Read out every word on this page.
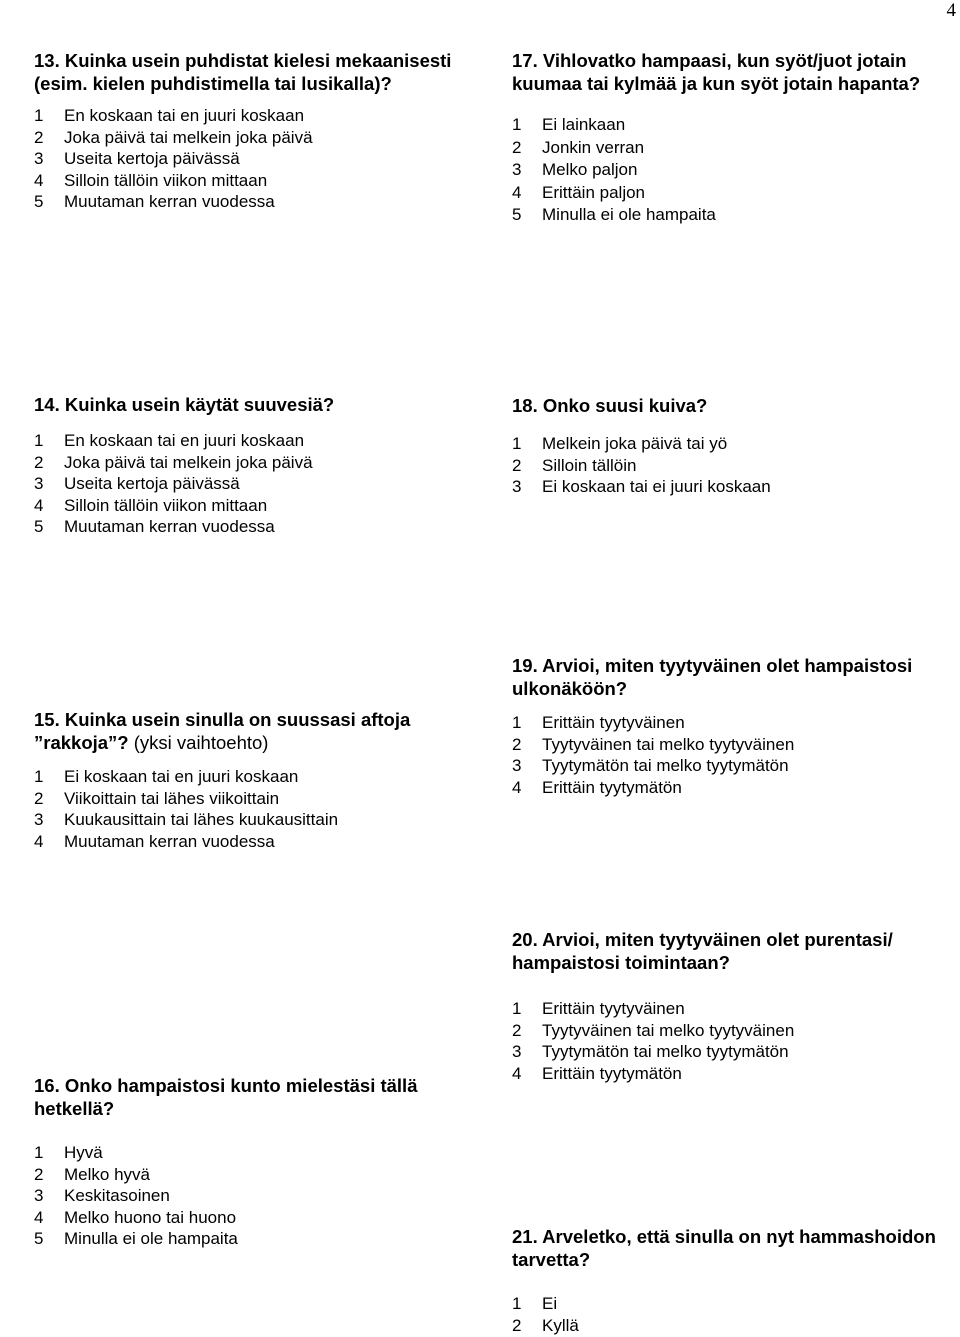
4

13. Kuinka usein puhdistat kielesi mekaanisesti (esim. kielen puhdistimella tai lusikalla)?

1	En koskaan tai en juuri koskaan
2	Joka päivä tai melkein joka päivä
3	Useita kertoja päivässä
4	Silloin tällöin viikon mittaan
5	Muutaman kerran vuodessa

17. Vihlovatko hampaasi, kun syöt/juot jotain kuumaa tai kylmää ja kun syöt jotain hapanta?

1	Ei lainkaan
2	Jonkin verran
3	Melko paljon
4	Erittäin paljon
5	Minulla ei ole hampaita

14. Kuinka usein käytät suuvesiä?

1	En koskaan tai en juuri koskaan
2	Joka päivä tai melkein joka päivä
3	Useita kertoja päivässä
4	Silloin tällöin viikon mittaan
5	Muutaman kerran vuodessa

18. Onko suusi kuiva?

1	Melkein joka päivä tai yö
2	Silloin tällöin
3	Ei koskaan tai ei juuri koskaan

15. Kuinka usein sinulla on suussasi aftoja ”rakkoja”? (yksi vaihtoehto)

1	Ei koskaan tai en juuri koskaan
2	Viikoittain tai lähes viikoittain
3	Kuukausittain tai lähes kuukausittain
4	Muutaman kerran vuodessa

19. Arvioi, miten tyytyväinen olet hampaistosi ulkonäköön?

1	Erittäin tyytyväinen
2	Tyytyväinen tai melko tyytyväinen
3	Tyytymätön tai melko tyytymätön
4	Erittäin tyytymätön

20. Arvioi, miten tyytyväinen olet purentasi/ hampaistosi toimintaan?

1	Erittäin tyytyväinen
2	Tyytyväinen tai melko tyytyväinen
3	Tyytymätön tai melko tyytymätön
4	Erittäin tyytymätön

16. Onko hampaistosi kunto mielestäsi tällä hetkellä?

1	Hyvä
2	Melko hyvä
3	Keskitasoinen
4	Melko huono tai huono
5	Minulla ei ole hampaita	21. Arveletko, että sinulla on nyt hammashoidon tarvetta?

1	Ei
2	Kyllä
